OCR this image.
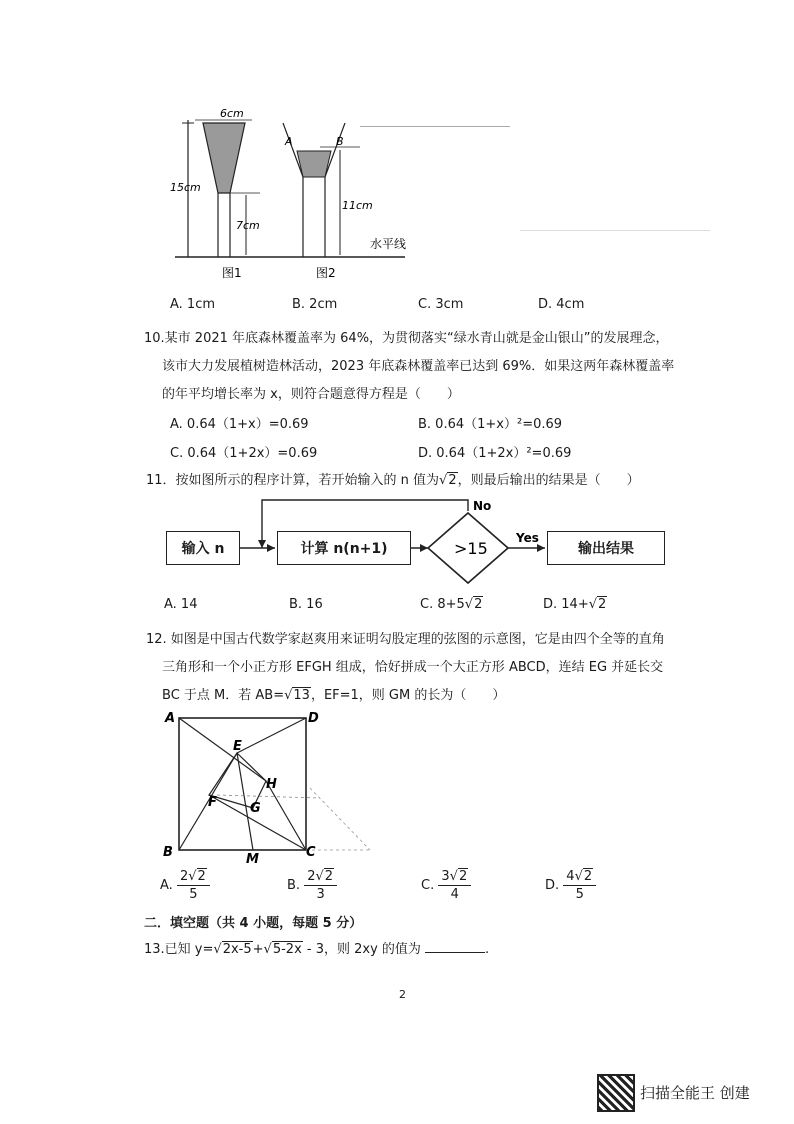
6cm
15cm
7cm
图1
A	B
11cm
图2
水平线
A. 1cm	B. 2cm	C. 3cm	D. 4cm
10.某市 2021 年底森林覆盖率为 64%，为贯彻落实“绿水青山就是金山银山”的发展理念，
该市大力发展植树造林活动，2023 年底森林覆盖率已达到 69%．如果这两年森林覆盖率
的年平均增长率为 x，则符合题意得方程是（　　）
A. 0.64（1+x）=0.69	B. 0.64（1+x）²=0.69
C. 0.64（1+2x）=0.69	D. 0.64（1+2x）²=0.69
11．按如图所示的程序计算，若开始输入的 n 值为√2，则最后输出的结果是（　　）
>15
No
Yes
输入 n	计算 n(n+1)	输出结果
A. 14	B. 16	C. 8+5√2	D. 14+√2
12. 如图是中国古代数学家赵爽用来证明勾股定理的弦图的示意图，它是由四个全等的直角
三角形和一个小正方形 EFGH 组成，恰好拼成一个大正方形 ABCD，连结 EG 并延长交
BC 于点 M．若 AB=√13，EF=1，则 GM 的长为（　　）
A
B	C
D
E
F	G
H
M
A. $\frac{2√2}{5}$	B. $\frac{2√2}{3}$	C. $\frac{3√2}{4}$	D. $\frac{4√2}{5}$
二．填空题（共 4 小题，每题 5 分）
13.已知 y=√2x-5+√5-2x - 3，则 2xy 的值为	.
2
扫描全能王 创建
